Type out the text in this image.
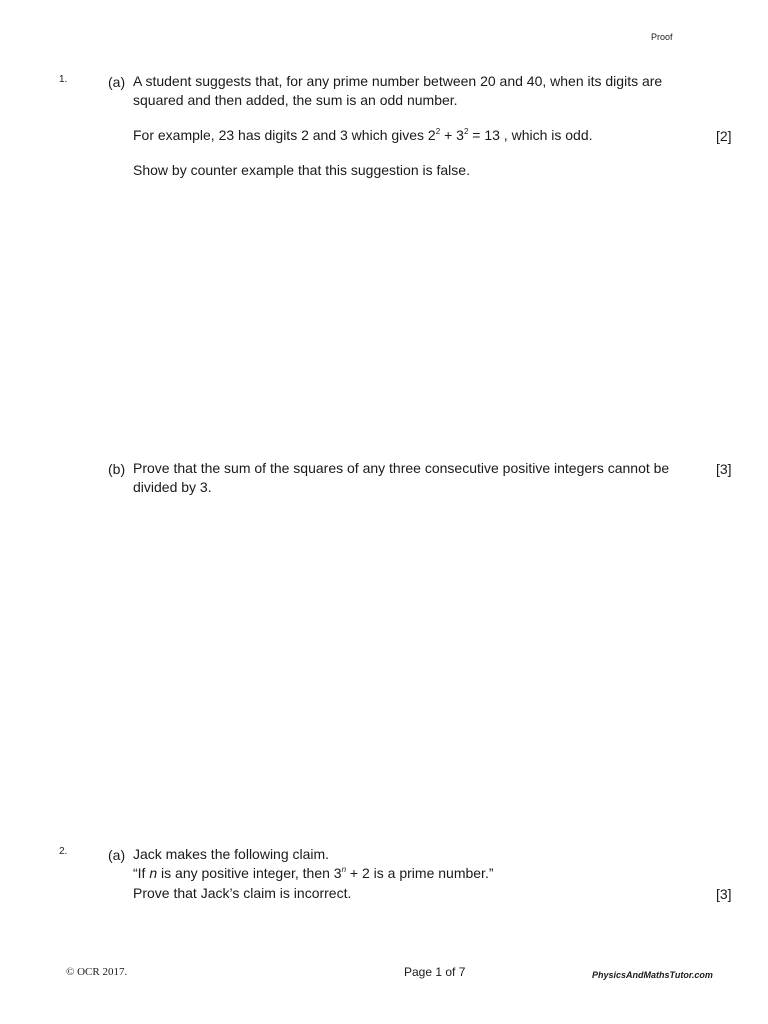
Proof
1.	(a) A student suggests that, for any prime number between 20 and 40, when its digits are
squared and then added, the sum is an odd number.
For example, 23 has digits 2 and 3 which gives $2^2 + 3^2 = 13$ , which is odd.	[2]
Show by counter example that this suggestion is false.
(b) Prove that the sum of the squares of any three consecutive positive integers cannot be	[3]
divided by 3.
2.	(a) Jack makes the following claim.
“If n is any positive integer, then $3^n + 2$ is a prime number.”
Prove that Jack’s claim is incorrect.	[3]
© OCR 2017.	Page 1 of 7	PhysicsAndMathsTutor.com
